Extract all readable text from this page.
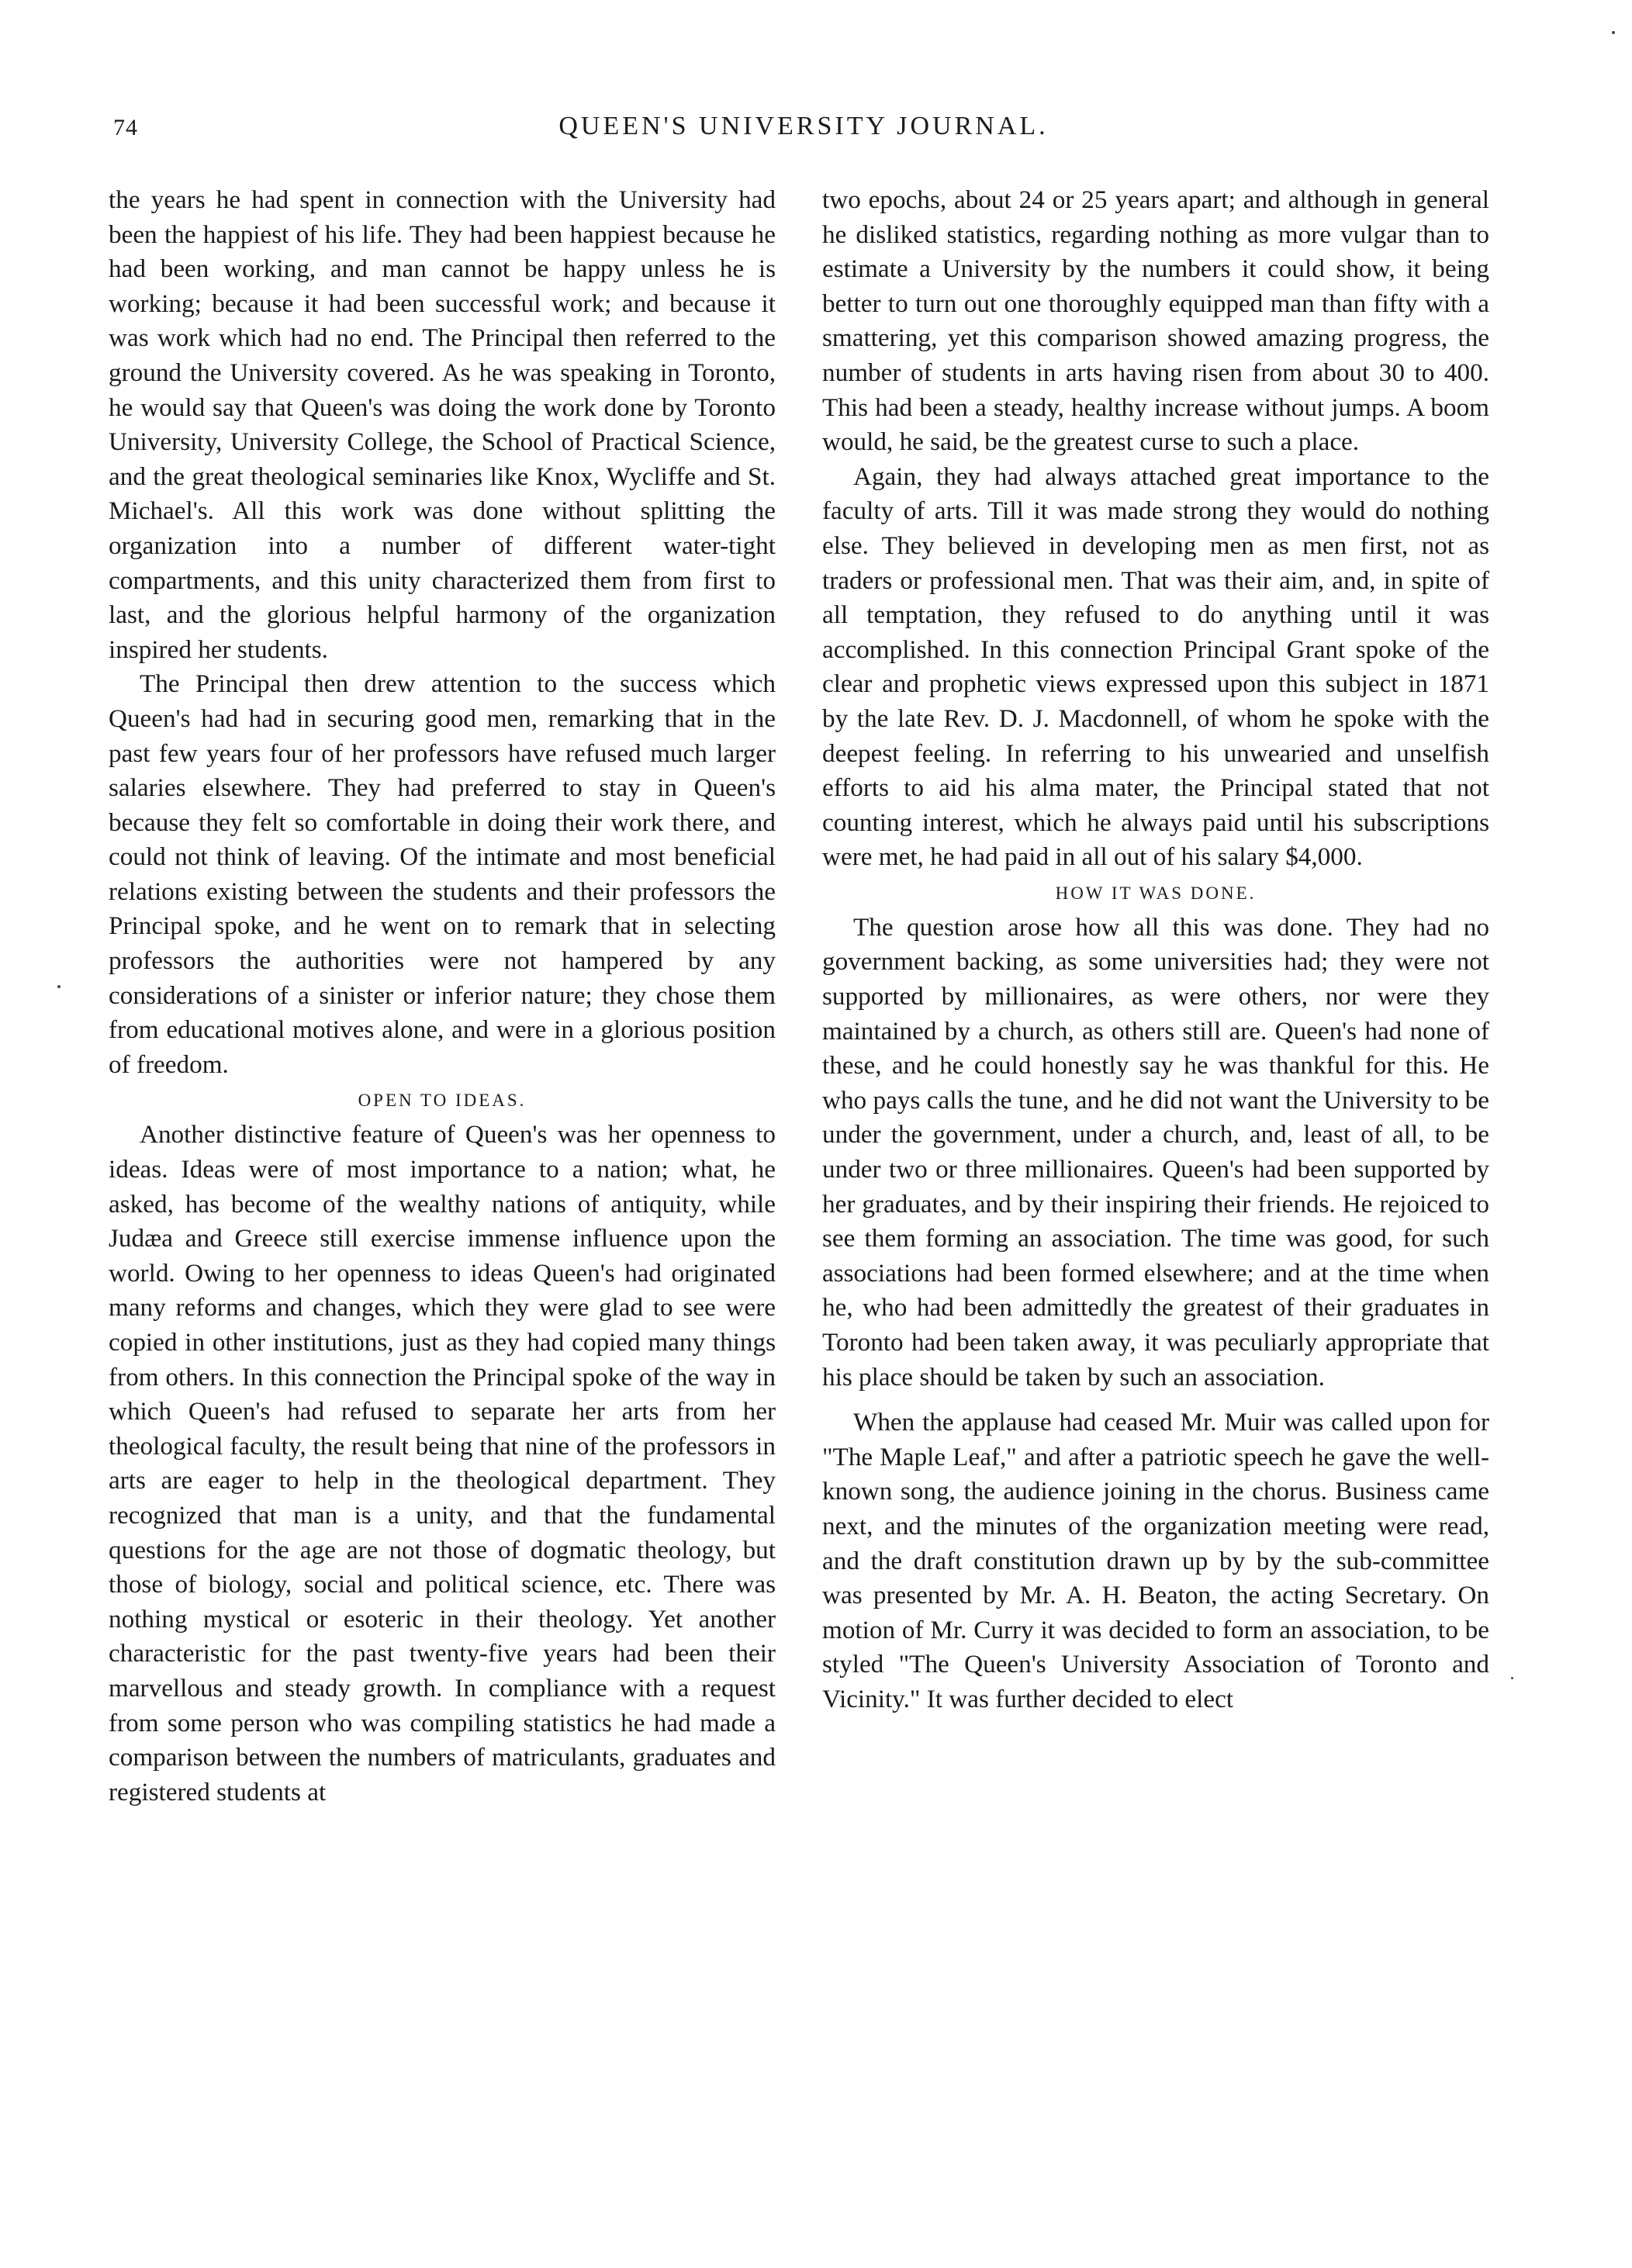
74	QUEEN'S UNIVERSITY JOURNAL.

the years he had spent in connection with the University had been the happiest of his life. They had been happiest because he had been working, and man cannot be happy unless he is working; because it had been successful work; and because it was work which had no end. The Principal then referred to the ground the University covered. As he was speaking in Toronto, he would say that Queen's was doing the work done by Toronto University, University College, the School of Practical Science, and the great theological seminaries like Knox, Wycliffe and St. Michael's. All this work was done without splitting the organization into a number of different water-tight compartments, and this unity characterized them from first to last, and the glorious helpful harmony of the organization inspired her students.

The Principal then drew attention to the success which Queen's had had in securing good men, remarking that in the past few years four of her professors have refused much larger salaries elsewhere. They had preferred to stay in Queen's because they felt so comfortable in doing their work there, and could not think of leaving. Of the intimate and most beneficial relations existing between the students and their professors the Principal spoke, and he went on to remark that in selecting professors the authorities were not hampered by any considerations of a sinister or inferior nature; they chose them from educational motives alone, and were in a glorious position of freedom.

OPEN TO IDEAS.

Another distinctive feature of Queen's was her openness to ideas. Ideas were of most importance to a nation; what, he asked, has become of the wealthy nations of antiquity, while Judæa and Greece still exercise immense influence upon the world. Owing to her openness to ideas Queen's had originated many reforms and changes, which they were glad to see were copied in other institutions, just as they had copied many things from others. In this connection the Principal spoke of the way in which Queen's had refused to separate her arts from her theological faculty, the result being that nine of the professors in arts are eager to help in the theological department. They recognized that man is a unity, and that the fundamental questions for the age are not those of dogmatic theology, but those of biology, social and political science, etc. There was nothing mystical or esoteric in their theology. Yet another characteristic for the past twenty-five years had been their marvellous and steady growth. In compliance with a request from some person who was compiling statistics he had made a comparison between the numbers of matriculants, graduates and registered students at

two epochs, about 24 or 25 years apart; and although in general he disliked statistics, regarding nothing as more vulgar than to estimate a University by the numbers it could show, it being better to turn out one thoroughly equipped man than fifty with a smattering, yet this comparison showed amazing progress, the number of students in arts having risen from about 30 to 400. This had been a steady, healthy increase without jumps. A boom would, he said, be the greatest curse to such a place.

Again, they had always attached great importance to the faculty of arts. Till it was made strong they would do nothing else. They believed in developing men as men first, not as traders or professional men. That was their aim, and, in spite of all temptation, they refused to do anything until it was accomplished. In this connection Principal Grant spoke of the clear and prophetic views expressed upon this subject in 1871 by the late Rev. D. J. Macdonnell, of whom he spoke with the deepest feeling. In referring to his unwearied and unselfish efforts to aid his alma mater, the Principal stated that not counting interest, which he always paid until his subscriptions were met, he had paid in all out of his salary $4,000.

HOW IT WAS DONE.

The question arose how all this was done. They had no government backing, as some universities had; they were not supported by millionaires, as were others, nor were they maintained by a church, as others still are. Queen's had none of these, and he could honestly say he was thankful for this. He who pays calls the tune, and he did not want the University to be under the government, under a church, and, least of all, to be under two or three millionaires. Queen's had been supported by her graduates, and by their inspiring their friends. He rejoiced to see them forming an association. The time was good, for such associations had been formed elsewhere; and at the time when he, who had been admittedly the greatest of their graduates in Toronto had been taken away, it was peculiarly appropriate that his place should be taken by such an association.

When the applause had ceased Mr. Muir was called upon for "The Maple Leaf," and after a patriotic speech he gave the well-known song, the audience joining in the chorus. Business came next, and the minutes of the organization meeting were read, and the draft constitution drawn up by by the sub-committee was presented by Mr. A. H. Beaton, the acting Secretary. On motion of Mr. Curry it was decided to form an association, to be styled "The Queen's University Association of Toronto and Vicinity." It was further decided to elect
